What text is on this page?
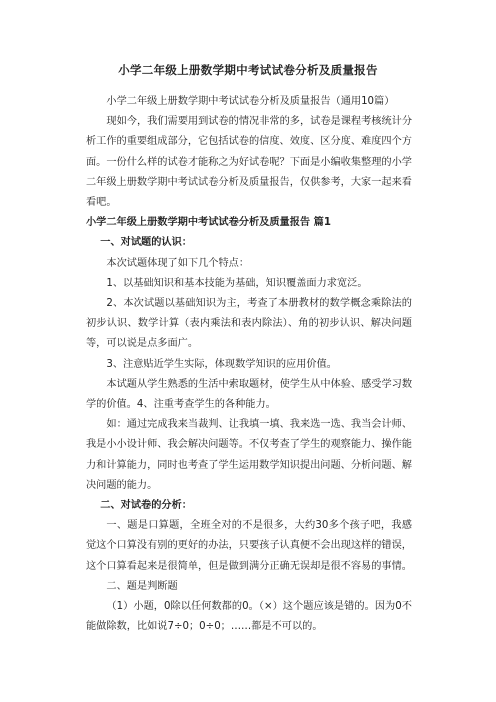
小学二年级上册数学期中考试试卷分析及质量报告

小学二年级上册数学期中考试试卷分析及质量报告（通用10篇）

现如今，我们需要用到试卷的情况非常的多，试卷是课程考核统计分析工作的重要组成部分，它包括试卷的信度、效度、区分度、难度四个方面。一份什么样的试卷才能称之为好试卷呢？下面是小编收集整理的小学二年级上册数学期中考试试卷分析及质量报告，仅供参考，大家一起来看看吧。

小学二年级上册数学期中考试试卷分析及质量报告 篇1

一、对试题的认识：

本次试题体现了如下几个特点：

1、以基础知识和基本技能为基础，知识覆盖面力求宽泛。

2、本次试题以基础知识为主，考查了本册教材的数学概念乘除法的初步认识、数学计算（表内乘法和表内除法）、角的初步认识、解决问题等，可以说是点多面广。

3、注意贴近学生实际，体现数学知识的应用价值。

本试题从学生熟悉的生活中索取题材，使学生从中体验、感受学习数学的价值。4、注重考查学生的各种能力。

如：通过完成我来当裁判、让我填一填、我来选一选、我当会计师、我是小小设计师、我会解决问题等。不仅考查了学生的观察能力、操作能力和计算能力，同时也考查了学生运用数学知识提出问题、分析问题、解决问题的能力。

二、对试卷的分析：

一、题是口算题，全班全对的不是很多，大约30多个孩子吧，我感觉这个口算没有别的更好的办法，只要孩子认真便不会出现这样的错误，这个口算看起来是很简单，但是做到满分正确无误却是很不容易的事情。

二、题是判断题

（1）小题，0除以任何数都的0。（×）这个题应该是错的。因为0不能做除数，比如说7÷0；0÷0；……都是不可以的。
